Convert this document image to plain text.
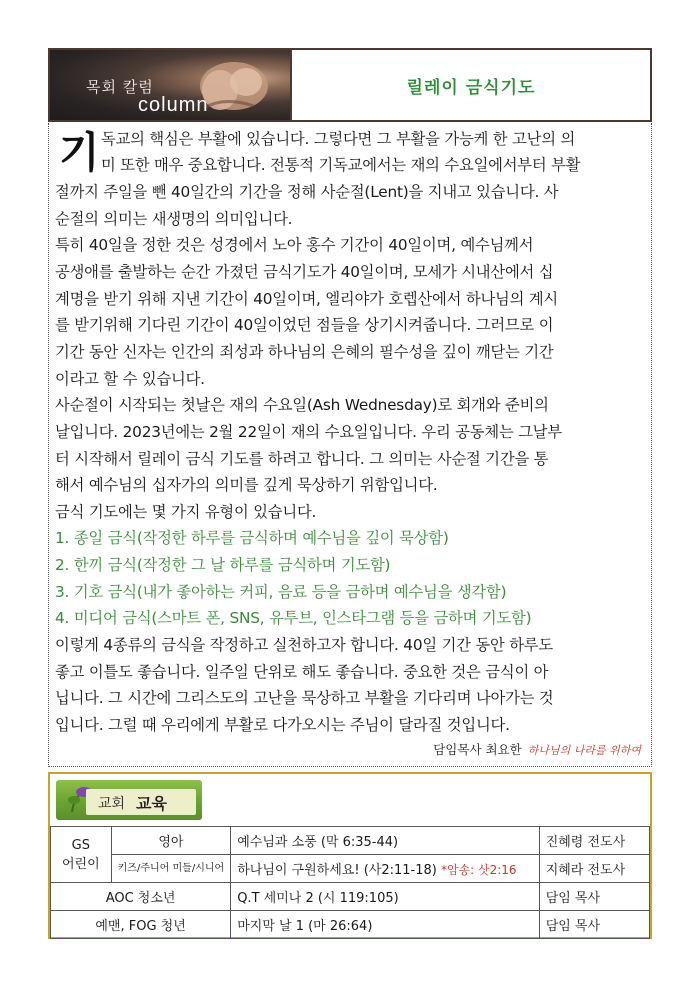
목회 칼럼
column
릴레이 금식기도
기 독교의 핵심은 부활에 있습니다. 그렇다면 그 부활을 가능케 한 고난의 의
미 또한 매우 중요합니다. 전통적 기독교에서는 재의 수요일에서부터 부활
절까지 주일을 뺀 40일간의 기간을 정해 사순절(Lent)을 지내고 있습니다. 사
순절의 의미는 새생명의 의미입니다.
특히 40일을 정한 것은 성경에서 노아 홍수 기간이 40일이며, 예수님께서
공생애를 출발하는 순간 가졌던 금식기도가 40일이며, 모세가 시내산에서 십
계명을 받기 위해 지낸 기간이 40일이며, 엘리야가 호렙산에서 하나님의 계시
를 받기위해 기다린 기간이 40일이었던 점들을 상기시켜줍니다. 그러므로 이
기간 동안 신자는 인간의 죄성과 하나님의 은혜의 필수성을 깊이 깨닫는 기간
이라고 할 수 있습니다.
사순절이 시작되는 첫날은 재의 수요일(Ash Wednesday)로 회개와 준비의
날입니다. 2023년에는 2월 22일이 재의 수요일입니다. 우리 공동체는 그날부
터 시작해서 릴레이 금식 기도를 하려고 합니다. 그 의미는 사순절 기간을 통
해서 예수님의 십자가의 의미를 깊게 묵상하기 위함입니다.
금식 기도에는 몇 가지 유형이 있습니다.
1. 종일 금식(작정한 하루를 금식하며 예수님을 깊이 묵상함)
2. 한끼 금식(작정한 그 날 하루를 금식하며 기도함)
3. 기호 금식(내가 좋아하는 커피, 음료 등을 금하며 예수님을 생각함)
4. 미디어 금식(스마트 폰, SNS, 유투브, 인스타그램 등을 금하며 기도함)
이렇게 4종류의 금식을 작정하고 실천하고자 합니다. 40일 기간 동안 하루도
좋고 이틀도 좋습니다. 일주일 단위로 해도 좋습니다. 중요한 것은 금식이 아
닙니다. 그 시간에 그리스도의 고난을 묵상하고 부활을 기다리며 나아가는 것
입니다. 그럴 때 우리에게 부활로 다가오시는 주님이 달라질 것입니다.
담임목사 최요한 하나님의 나라를 위하여
교회 교육
GS
어린이	영아	예수님과 소풍 (막 6:35-44)	진혜령 전도사
	키즈/주니어 미들/시니어	하나님이 구원하세요! (사2:11-18) *암송: 삿2:16	지혜라 전도사
AOC 청소년		Q.T 세미나 2 (시 119:105)	담임 목사
예맨, FOG 청년		마지막 날 1 (마 26:64)	담임 목사
